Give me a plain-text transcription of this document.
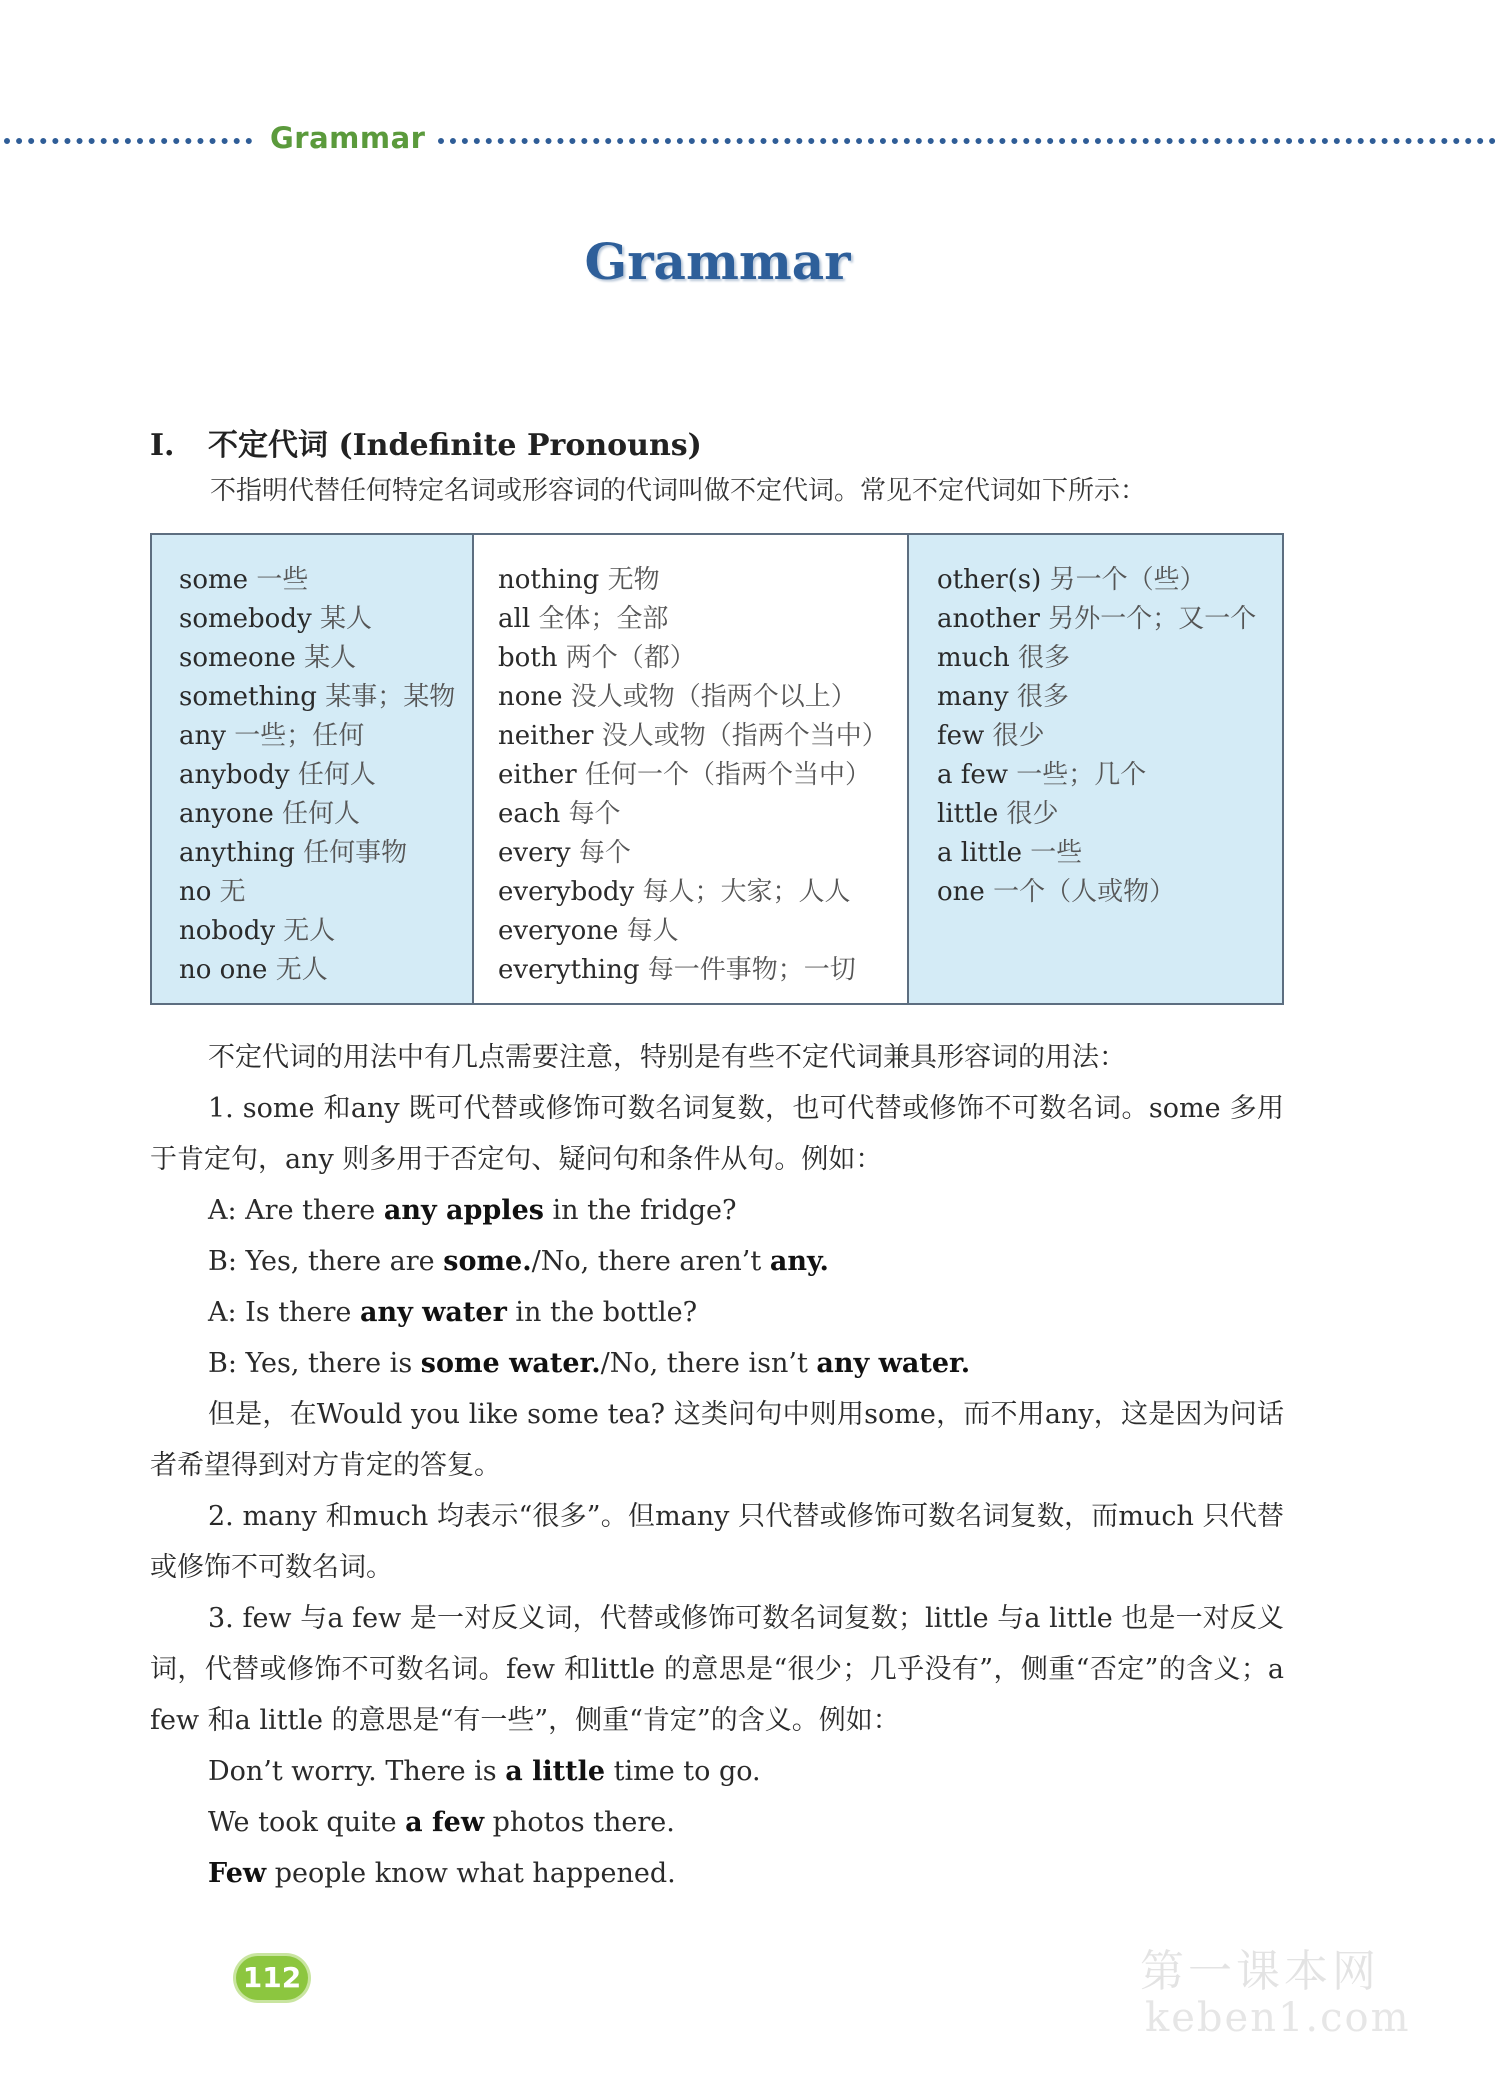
Grammar
Grammar
I. 不定代词 (Indefinite Pronouns)
不指明代替任何特定名词或形容词的代词叫做不定代词。常见不定代词如下所示：
some 一些
somebody 某人
someone 某人
something 某事；某物
any 一些；任何
anybody 任何人
anyone 任何人
anything 任何事物
no 无
nobody 无人
no one 无人
nothing 无物
all 全体；全部
both 两个（都）
none 没人或物（指两个以上）
neither 没人或物（指两个当中）
either 任何一个（指两个当中）
each 每个
every 每个
everybody 每人；大家；人人
everyone 每人
everything 每一件事物；一切
other(s) 另一个（些）
another 另外一个；又一个
much 很多
many 很多
few 很少
a few 一些；几个
little 很少
a little 一些
one 一个（人或物）
不定代词的用法中有几点需要注意，特别是有些不定代词兼具形容词的用法：
1. some 和any 既可代替或修饰可数名词复数，也可代替或修饰不可数名词。some 多用于肯定句，any 则多用于否定句、疑问句和条件从句。例如：
A: Are there any apples in the fridge?
B: Yes, there are some./No, there aren’t any.
A: Is there any water in the bottle?
B: Yes, there is some water./No, there isn’t any water.
但是，在Would you like some tea? 这类问句中则用some，而不用any，这是因为问话者希望得到对方肯定的答复。
2. many 和much 均表示“很多”。但many 只代替或修饰可数名词复数，而much 只代替或修饰不可数名词。
3. few 与a few 是一对反义词，代替或修饰可数名词复数；little 与a little 也是一对反义词，代替或修饰不可数名词。few 和little 的意思是“很少；几乎没有”，侧重“否定”的含义；a few 和a little 的意思是“有一些”，侧重“肯定”的含义。例如：
Don’t worry. There is a little time to go.
We took quite a few photos there.
Few people know what happened.
112	第一课本网
keben1.com
